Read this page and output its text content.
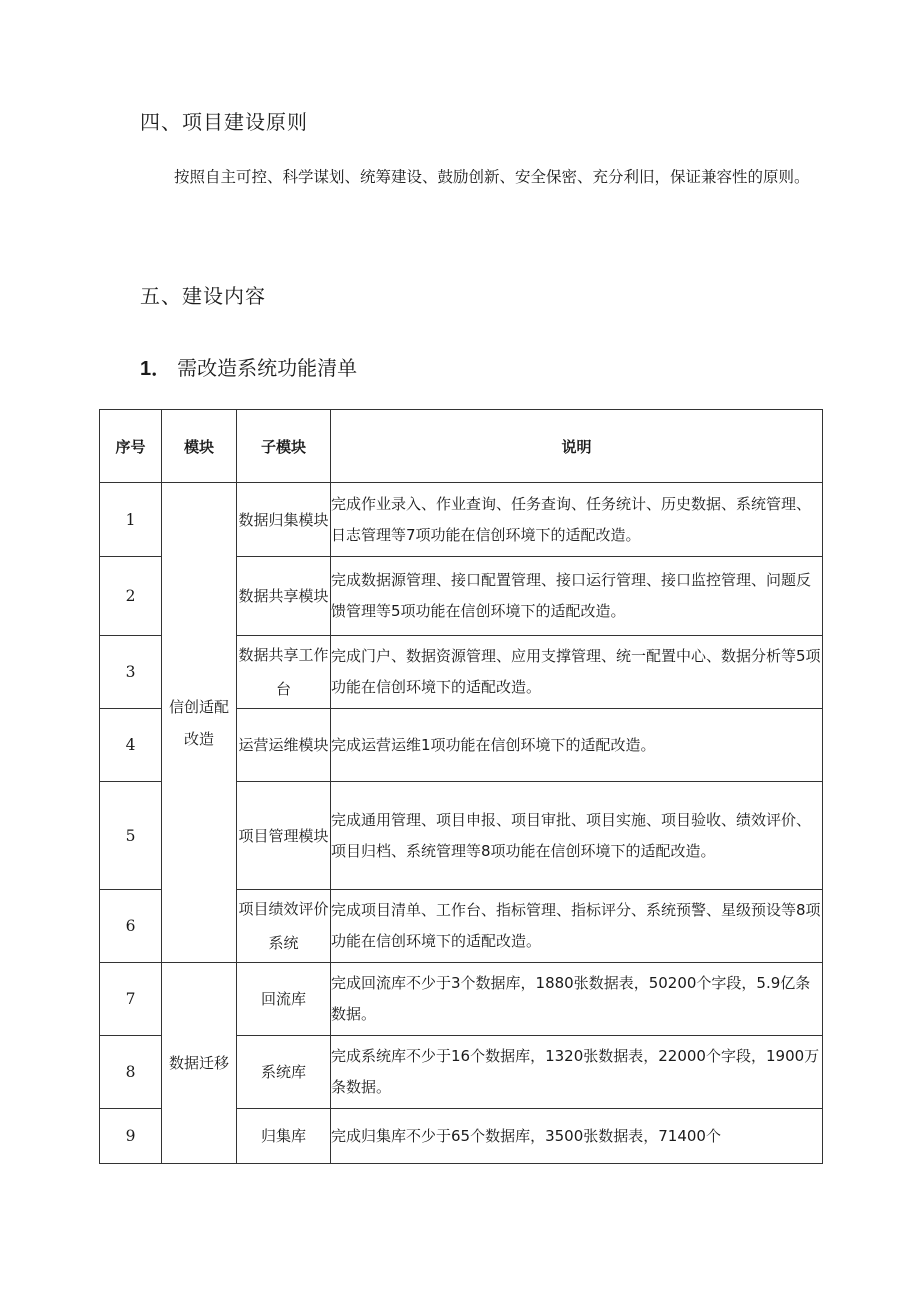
四、项目建设原则

按照自主可控、科学谋划、统筹建设、鼓励创新、安全保密、充分利旧，保证兼容性的原则。

五、建设内容
1． 需改造系统功能清单
序号	模块	子模块	说明
1	信创适配改造	数据归集模块	完成作业录入、作业查询、任务查询、任务统计、历史数据、系统管理、日志管理等7项功能在信创环境下的适配改造。
2		数据共享模块	完成数据源管理、接口配置管理、接口运行管理、接口监控管理、问题反馈管理等5项功能在信创环境下的适配改造。
3		数据共享工作台	完成门户、数据资源管理、应用支撑管理、统一配置中心、数据分析等5项功能在信创环境下的适配改造。
4		运营运维模块	完成运营运维1项功能在信创环境下的适配改造。
5		项目管理模块	完成通用管理、项目申报、项目审批、项目实施、项目验收、绩效评价、项目归档、系统管理等8项功能在信创环境下的适配改造。
6		项目绩效评价系统	完成项目清单、工作台、指标管理、指标评分、系统预警、星级预设等8项功能在信创环境下的适配改造。
7	数据迁移	回流库	完成回流库不少于3个数据库，1880张数据表，50200个字段，5.9亿条数据。
8		系统库	完成系统库不少于16个数据库，1320张数据表，22000个字段，1900万条数据。
9		归集库	完成归集库不少于65个数据库，3500张数据表，71400个
